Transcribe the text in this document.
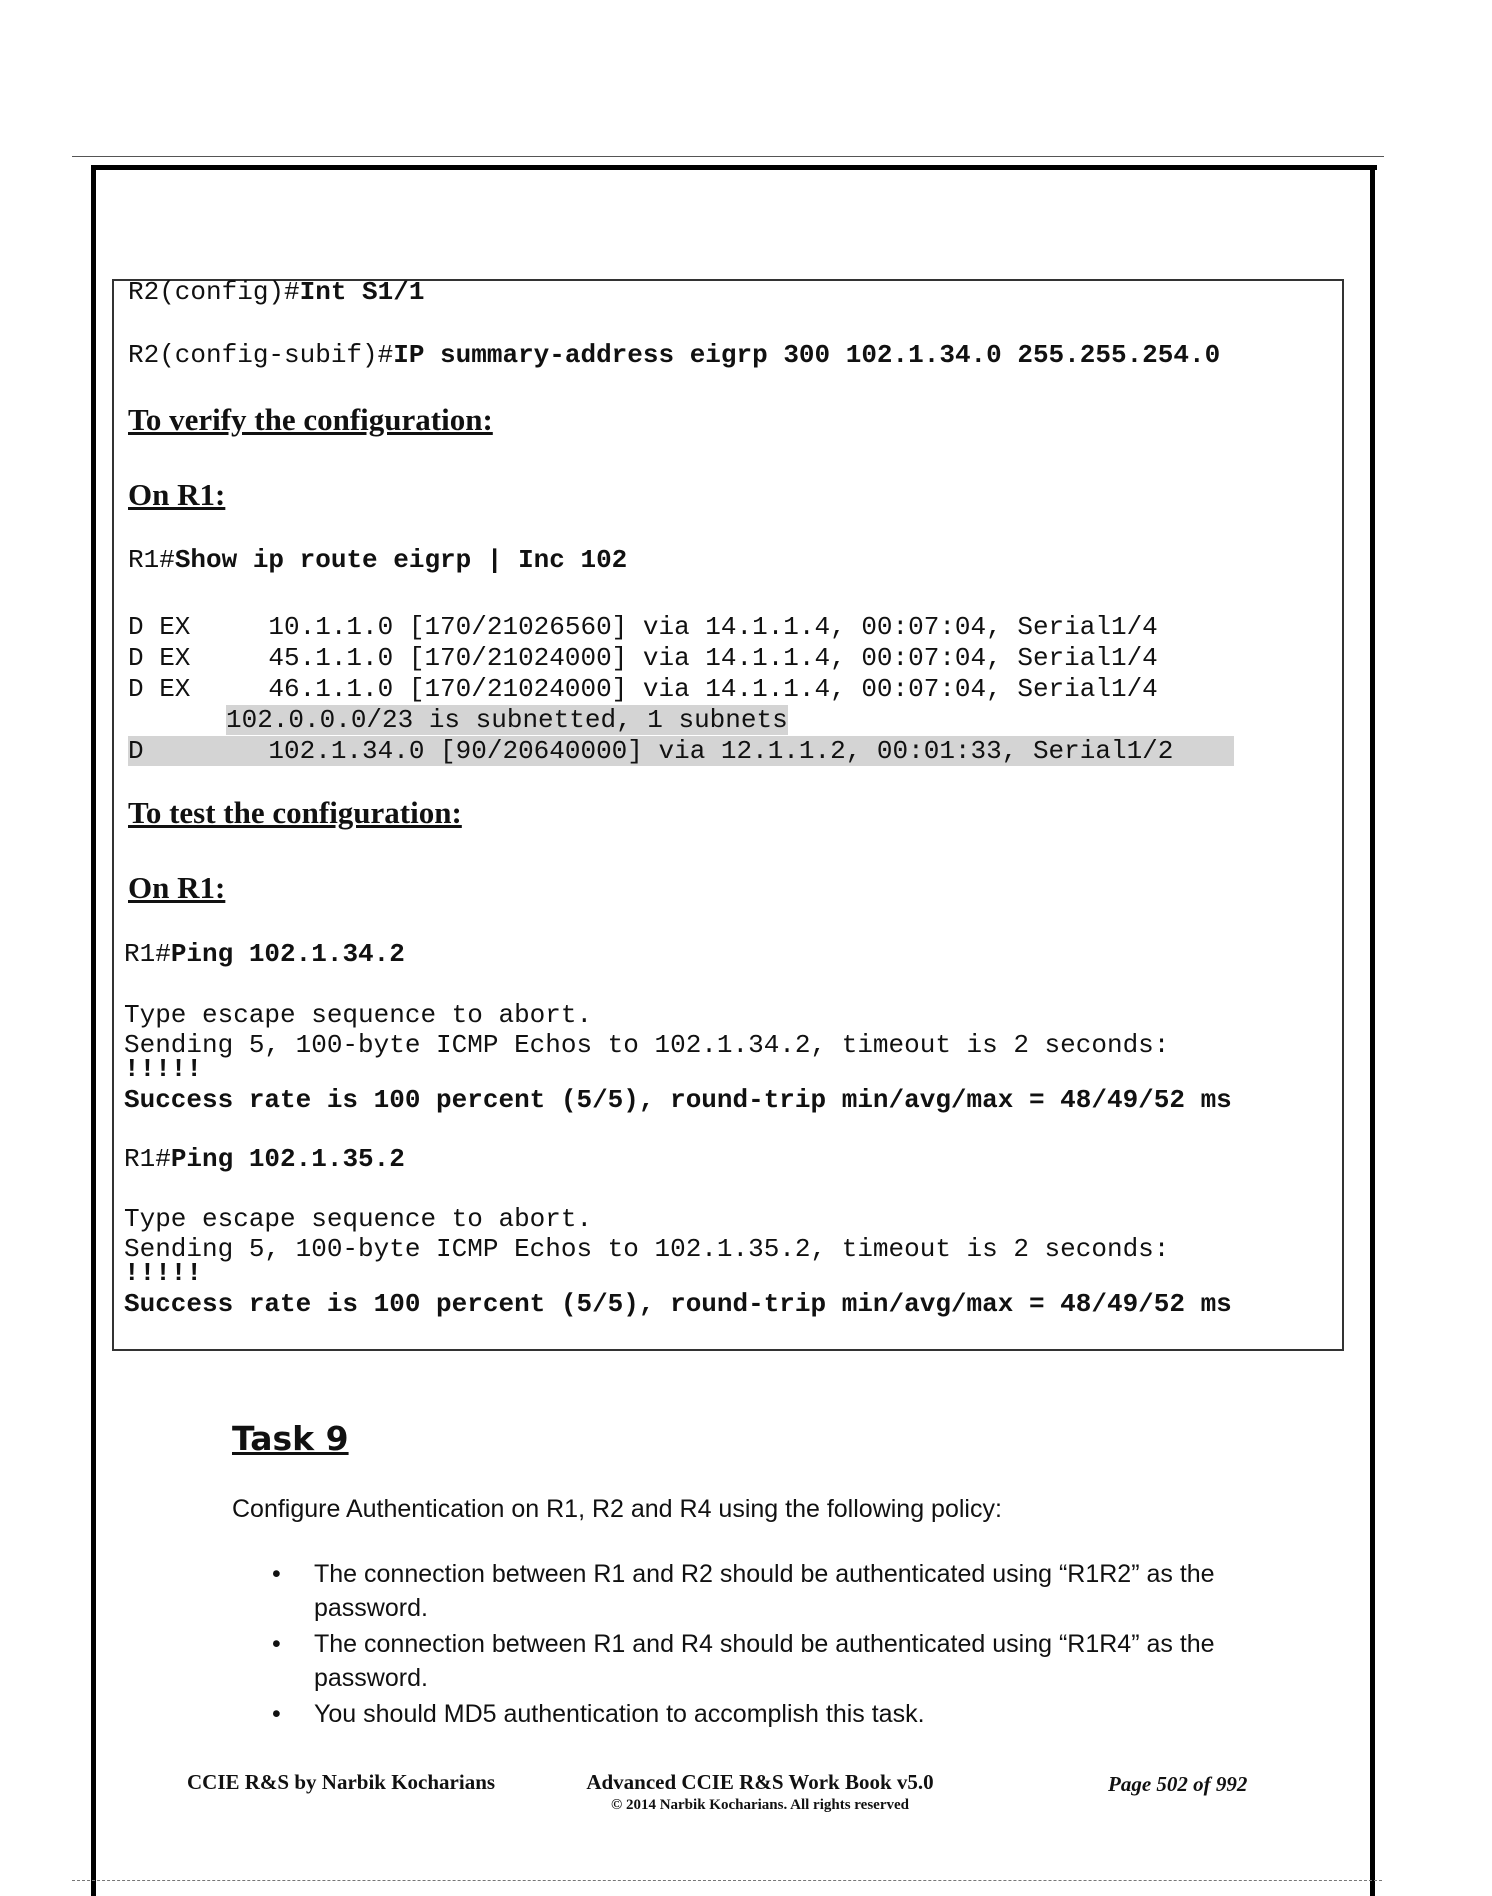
R2(config)#Int S1/1
R2(config-subif)#IP summary-address eigrp 300 102.1.34.0 255.255.254.0
To verify the configuration:
On R1:
R1#Show ip route eigrp | Inc 102
D EX     10.1.1.0 [170/21026560] via 14.1.1.4, 00:07:04, Serial1/4
D EX     45.1.1.0 [170/21024000] via 14.1.1.4, 00:07:04, Serial1/4
D EX     46.1.1.0 [170/21024000] via 14.1.1.4, 00:07:04, Serial1/4
102.0.0.0/23 is subnetted, 1 subnets
D        102.1.34.0 [90/20640000] via 12.1.1.2, 00:01:33, Serial1/2
To test the configuration:
On R1:
R1#Ping 102.1.34.2
Type escape sequence to abort.
Sending 5, 100-byte ICMP Echos to 102.1.34.2, timeout is 2 seconds:
!!!!!
Success rate is 100 percent (5/5), round-trip min/avg/max = 48/49/52 ms
R1#Ping 102.1.35.2
Type escape sequence to abort.
Sending 5, 100-byte ICMP Echos to 102.1.35.2, timeout is 2 seconds:
!!!!!
Success rate is 100 percent (5/5), round-trip min/avg/max = 48/49/52 ms
Task 9
Configure Authentication on R1, R2 and R4 using the following policy:
• The connection between R1 and R2 should be authenticated using “R1R2” as the password.
• The connection between R1 and R4 should be authenticated using “R1R4” as the password.
• You should MD5 authentication to accomplish this task.
CCIE R&S by Narbik Kocharians	Advanced CCIE R&S Work Book v5.0
© 2014 Narbik Kocharians. All rights reserved
Page 502 of 992
